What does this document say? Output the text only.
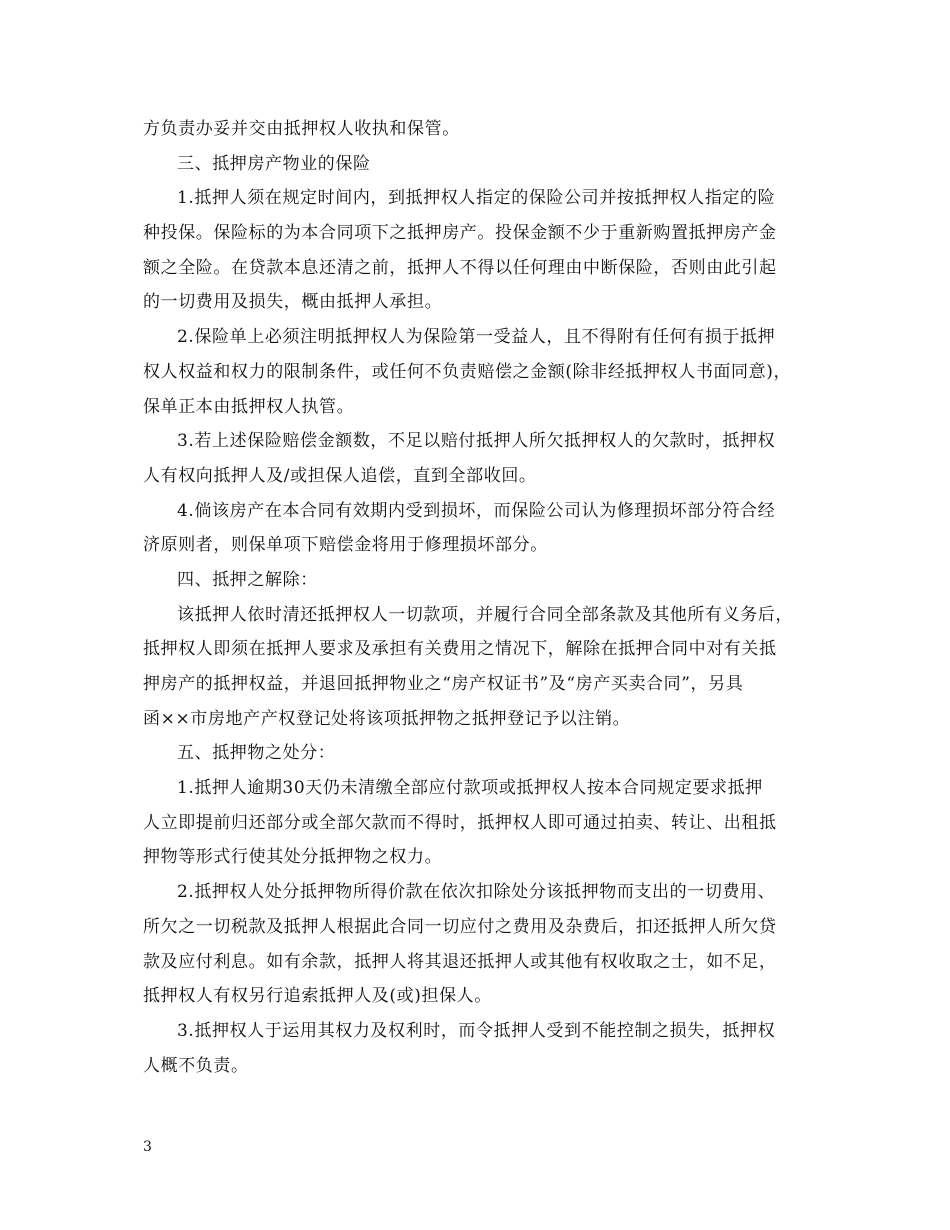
方负责办妥并交由抵押权人收执和保管。
三、抵押房产物业的保险
1.抵押人须在规定时间内，到抵押权人指定的保险公司并按抵押权人指定的险
种投保。保险标的为本合同项下之抵押房产。投保金额不少于重新购置抵押房产金
额之全险。在贷款本息还清之前，抵押人不得以任何理由中断保险，否则由此引起
的一切费用及损失，概由抵押人承担。
2.保险单上必须注明抵押权人为保险第一受益人，且不得附有任何有损于抵押
权人权益和权力的限制条件，或任何不负责赔偿之金额(除非经抵押权人书面同意)，
保单正本由抵押权人执管。
3.若上述保险赔偿金额数，不足以赔付抵押人所欠抵押权人的欠款时，抵押权
人有权向抵押人及/或担保人追偿，直到全部收回。
4.倘该房产在本合同有效期内受到损坏，而保险公司认为修理损坏部分符合经
济原则者，则保单项下赔偿金将用于修理损坏部分。
四、抵押之解除：
该抵押人依时清还抵押权人一切款项，并履行合同全部条款及其他所有义务后，
抵押权人即须在抵押人要求及承担有关费用之情况下，解除在抵押合同中对有关抵
押房产的抵押权益，并退回抵押物业之“房产权证书”及“房产买卖合同”，另具
函××市房地产产权登记处将该项抵押物之抵押登记予以注销。
五、抵押物之处分：
1.抵押人逾期30天仍未清缴全部应付款项或抵押权人按本合同规定要求抵押
人立即提前归还部分或全部欠款而不得时，抵押权人即可通过拍卖、转让、出租抵
押物等形式行使其处分抵押物之权力。
2.抵押权人处分抵押物所得价款在依次扣除处分该抵押物而支出的一切费用、
所欠之一切税款及抵押人根据此合同一切应付之费用及杂费后，扣还抵押人所欠贷
款及应付利息。如有余款，抵押人将其退还抵押人或其他有权收取之士，如不足，
抵押权人有权另行追索抵押人及(或)担保人。
3.抵押权人于运用其权力及权利时，而令抵押人受到不能控制之损失，抵押权
人概不负责。
3
